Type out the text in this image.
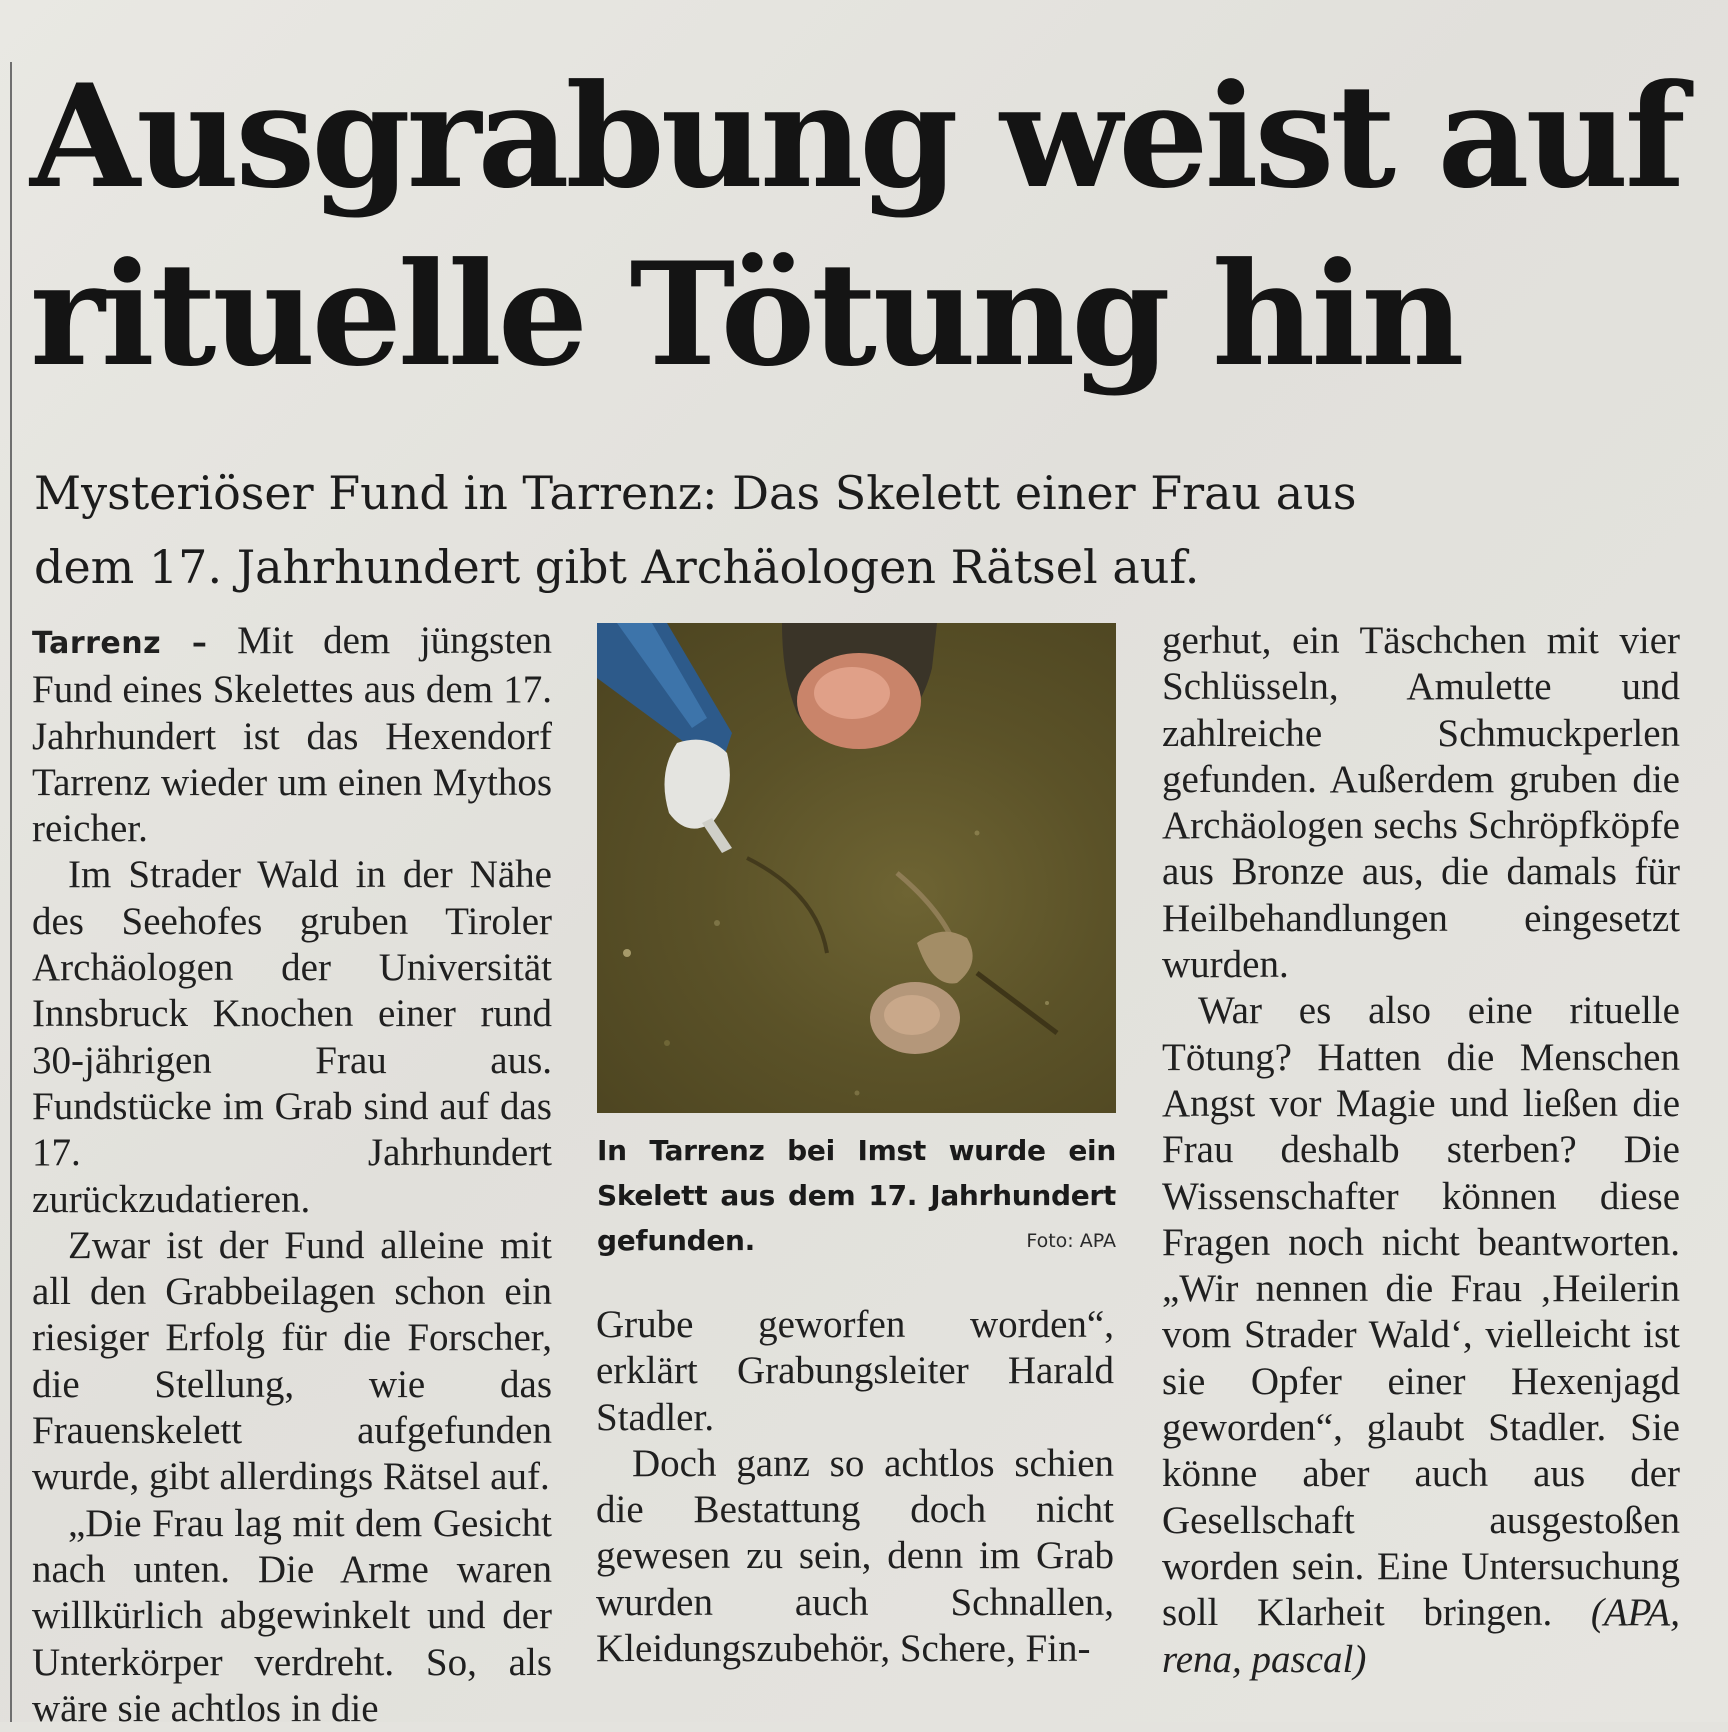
Ausgrabung weist auf
rituelle Tötung hin
Mysteriöser Fund in Tarrenz: Das Skelett einer Frau aus
dem 17. Jahrhundert gibt Archäologen Rätsel auf.

Tarrenz – Mit dem jüngsten Fund eines Skelettes aus dem 17. Jahrhundert ist das Hexendorf Tarrenz wieder um einen Mythos reicher.

Im Strader Wald in der Nähe des Seehofes gruben Tiroler Archäologen der Universität Innsbruck Knochen einer rund 30-jährigen Frau aus. Fundstücke im Grab sind auf das 17. Jahrhundert zurückzudatieren.

Zwar ist der Fund alleine mit all den Grabbeilagen schon ein riesiger Erfolg für die Forscher, die Stellung, wie das Frauenskelett aufgefunden wurde, gibt allerdings Rätsel auf.

„Die Frau lag mit dem Gesicht nach unten. Die Arme waren willkürlich abgewinkelt und der Unterkörper verdreht. So, als wäre sie achtlos in die

In Tarrenz bei Imst wurde ein Skelett aus dem 17. Jahrhundert gefunden.	Foto: APA

Grube geworfen worden“, erklärt Grabungsleiter Harald Stadler.

Doch ganz so achtlos schien die Bestattung doch nicht gewesen zu sein, denn im Grab wurden auch Schnallen, Kleidungszubehör, Schere, Fin-

gerhut, ein Täschchen mit vier Schlüsseln, Amulette und zahlreiche Schmuckperlen gefunden. Außerdem gruben die Archäologen sechs Schröpfköpfe aus Bronze aus, die damals für Heilbehandlungen eingesetzt wurden.

War es also eine rituelle Tötung? Hatten die Menschen Angst vor Magie und ließen die Frau deshalb sterben? Die Wissenschafter können diese Fragen noch nicht beantworten. „Wir nennen die Frau ‚Heilerin vom Strader Wald‘, vielleicht ist sie Opfer einer Hexenjagd geworden“, glaubt Stadler. Sie könne aber auch aus der Gesellschaft ausgestoßen worden sein. Eine Untersuchung soll Klarheit bringen. (APA, rena, pascal)
